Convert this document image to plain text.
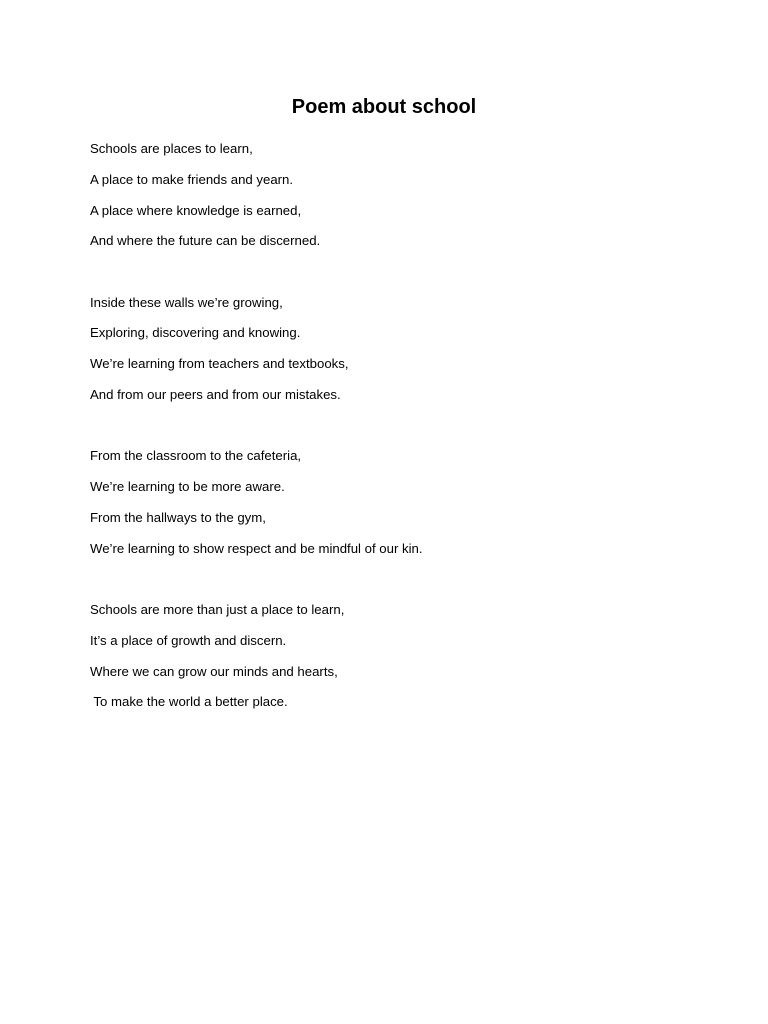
Poem about school
Schools are places to learn,
A place to make friends and yearn.
A place where knowledge is earned,
And where the future can be discerned.
Inside these walls we’re growing,
Exploring, discovering and knowing.
We’re learning from teachers and textbooks,
And from our peers and from our mistakes.
From the classroom to the cafeteria,
We’re learning to be more aware.
From the hallways to the gym,
We’re learning to show respect and be mindful of our kin.
Schools are more than just a place to learn,
It’s a place of growth and discern.
Where we can grow our minds and hearts,
To make the world a better place.
